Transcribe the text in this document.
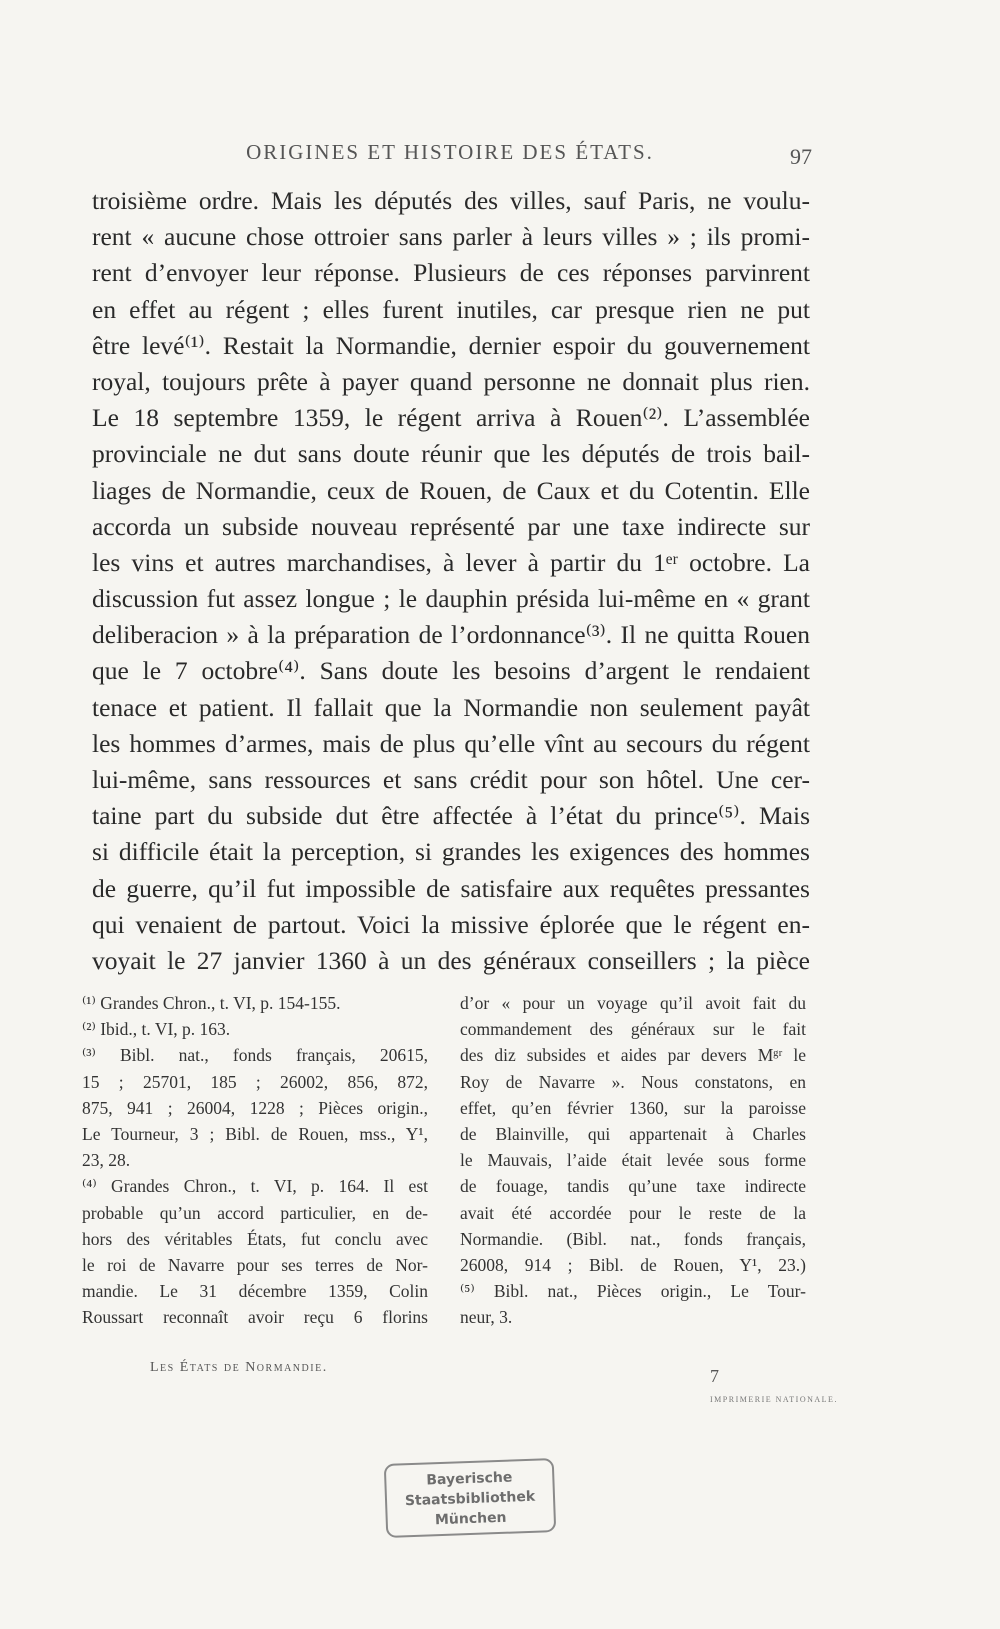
ORIGINES ET HISTOIRE DES ÉTATS.	97
troisième ordre. Mais les députés des villes, sauf Paris, ne voulu-
rent « aucune chose ottroier sans parler à leurs villes » ; ils promi-
rent d’envoyer leur réponse. Plusieurs de ces réponses parvinrent
en effet au régent ; elles furent inutiles, car presque rien ne put
être levé⁽¹⁾. Restait la Normandie, dernier espoir du gouvernement
royal, toujours prête à payer quand personne ne donnait plus rien.
Le 18 septembre 1359, le régent arriva à Rouen⁽²⁾. L’assemblée
provinciale ne dut sans doute réunir que les députés de trois bail-
liages de Normandie, ceux de Rouen, de Caux et du Cotentin. Elle
accorda un subside nouveau représenté par une taxe indirecte sur
les vins et autres marchandises, à lever à partir du 1ᵉʳ octobre. La
discussion fut assez longue ; le dauphin présida lui-même en « grant
deliberacion » à la préparation de l’ordonnance⁽³⁾. Il ne quitta Rouen
que le 7 octobre⁽⁴⁾. Sans doute les besoins d’argent le rendaient
tenace et patient. Il fallait que la Normandie non seulement payât
les hommes d’armes, mais de plus qu’elle vînt au secours du régent
lui-même, sans ressources et sans crédit pour son hôtel. Une cer-
taine part du subside dut être affectée à l’état du prince⁽⁵⁾. Mais
si difficile était la perception, si grandes les exigences des hommes
de guerre, qu’il fut impossible de satisfaire aux requêtes pressantes
qui venaient de partout. Voici la missive éplorée que le régent en-
voyait le 27 janvier 1360 à un des généraux conseillers ; la pièce
⁽¹⁾ Grandes Chron., t. VI, p. 154-155.
⁽²⁾ Ibid., t. VI, p. 163.
⁽³⁾ Bibl. nat., fonds français, 20615,
15 ; 25701, 185 ; 26002, 856, 872,
875, 941 ; 26004, 1228 ; Pièces origin.,
Le Tourneur, 3 ; Bibl. de Rouen, mss., Y¹,
23, 28.
⁽⁴⁾ Grandes Chron., t. VI, p. 164. Il est
probable qu’un accord particulier, en de-
hors des véritables États, fut conclu avec
le roi de Navarre pour ses terres de Nor-
mandie. Le 31 décembre 1359, Colin
Roussart reconnaît avoir reçu 6 florins
d’or « pour un voyage qu’il avoit fait du
commandement des généraux sur le fait
des diz subsides et aides par devers Mᵍʳ le
Roy de Navarre ». Nous constatons, en
effet, qu’en février 1360, sur la paroisse
de Blainville, qui appartenait à Charles
le Mauvais, l’aide était levée sous forme
de fouage, tandis qu’une taxe indirecte
avait été accordée pour le reste de la
Normandie. (Bibl. nat., fonds français,
26008, 914 ; Bibl. de Rouen, Y¹, 23.)
⁽⁵⁾ Bibl. nat., Pièces origin., Le Tour-
neur, 3.
Les États de Normandie.	7
IMPRIMERIE NATIONALE.
Bayerische
Staatsbibliothek
München
